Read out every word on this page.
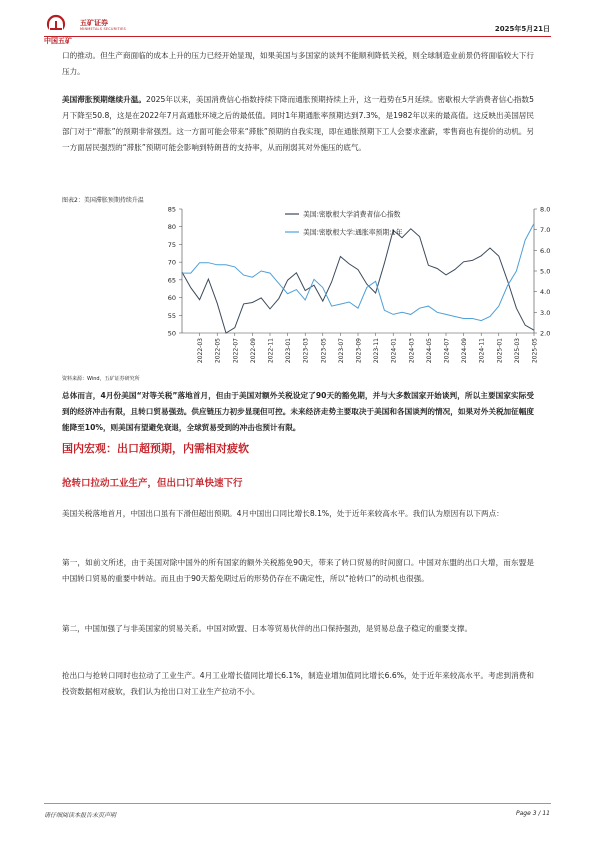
中国五矿
五矿证券
MINMETALS SECURITIES	2025年5月21日
口的推动。但生产商面临的成本上升的压力已经开始显现，如果美国与多国家的谈判不能顺利降低关税，则全球制造业前景仍将面临较大下行压力。
美国滞胀预期继续升温。2025年以来，美国消费信心指数持续下降而通胀预期持续上升，这一趋势在5月延续。密歇根大学消费者信心指数5月下降至50.8，这是在2022年7月高通胀环境之后的最低值。同时1年期通胀率预期达到7.3%，是1982年以来的最高值。这反映出美国居民部门对于“滞胀”的预期非常强烈。这一方面可能会带来“滞胀”预期的自我实现，即在通胀预期下工人会要求涨薪，零售商也有提价的动机。另一方面居民强烈的“滞胀”预期可能会影响到特朗普的支持率，从而削弱其对外施压的底气。
图表2：美国滞胀预期持续升温
50
55
60
65
70
75
80
85
2.0
3.0
4.0
5.0
6.0
7.0
8.0
2022-03 2022-05 2022-07 2022-09 2022-11 2023-01 2023-03 2023-05 2023-07 2023-09 2023-11 2024-01 2024-03 2024-05 2024-07 2024-09 2024-11 2025-01 2025-03 2025-05
美国:密歇根大学消费者信心指数
美国:密歇根大学:通胀率预期:1年
资料来源：Wind，五矿证券研究所
总体而言，4月份美国“对等关税”落地首月，但由于美国对额外关税设定了90天的豁免期，并与大多数国家开始谈判，所以主要国家实际受到的经济冲击有限，且转口贸易强劲。供应链压力初步显现但可控。未来经济走势主要取决于美国和各国谈判的情况，如果对外关税加征幅度能降至10%，则美国有望避免衰退，全球贸易受到的冲击也预计有限。
国内宏观：出口超预期，内需相对疲软
抢转口拉动工业生产，但出口订单快速下行
美国关税落地首月，中国出口虽有下滑但超出预期。4月中国出口同比增长8.1%，处于近年来较高水平。我们认为原因有以下两点：
第一，如前文所述，由于美国对除中国外的所有国家的额外关税豁免90天，带来了转口贸易的时间窗口。中国对东盟的出口大增，而东盟是中国转口贸易的重要中转站。而且由于90天豁免期过后的形势仍存在不确定性，所以“抢转口”的动机也很强。
第二，中国加强了与非美国家的贸易关系。中国对欧盟、日本等贸易伙伴的出口保持强劲，是贸易总盘子稳定的重要支撑。
抢出口与抢转口同时也拉动了工业生产。4月工业增长值同比增长6.1%，制造业增加值同比增长6.6%，处于近年来较高水平。考虑到消费和投资数据相对疲软，我们认为抢出口对工业生产拉动不小。
请仔细阅读本报告末页声明	Page 3 / 11
